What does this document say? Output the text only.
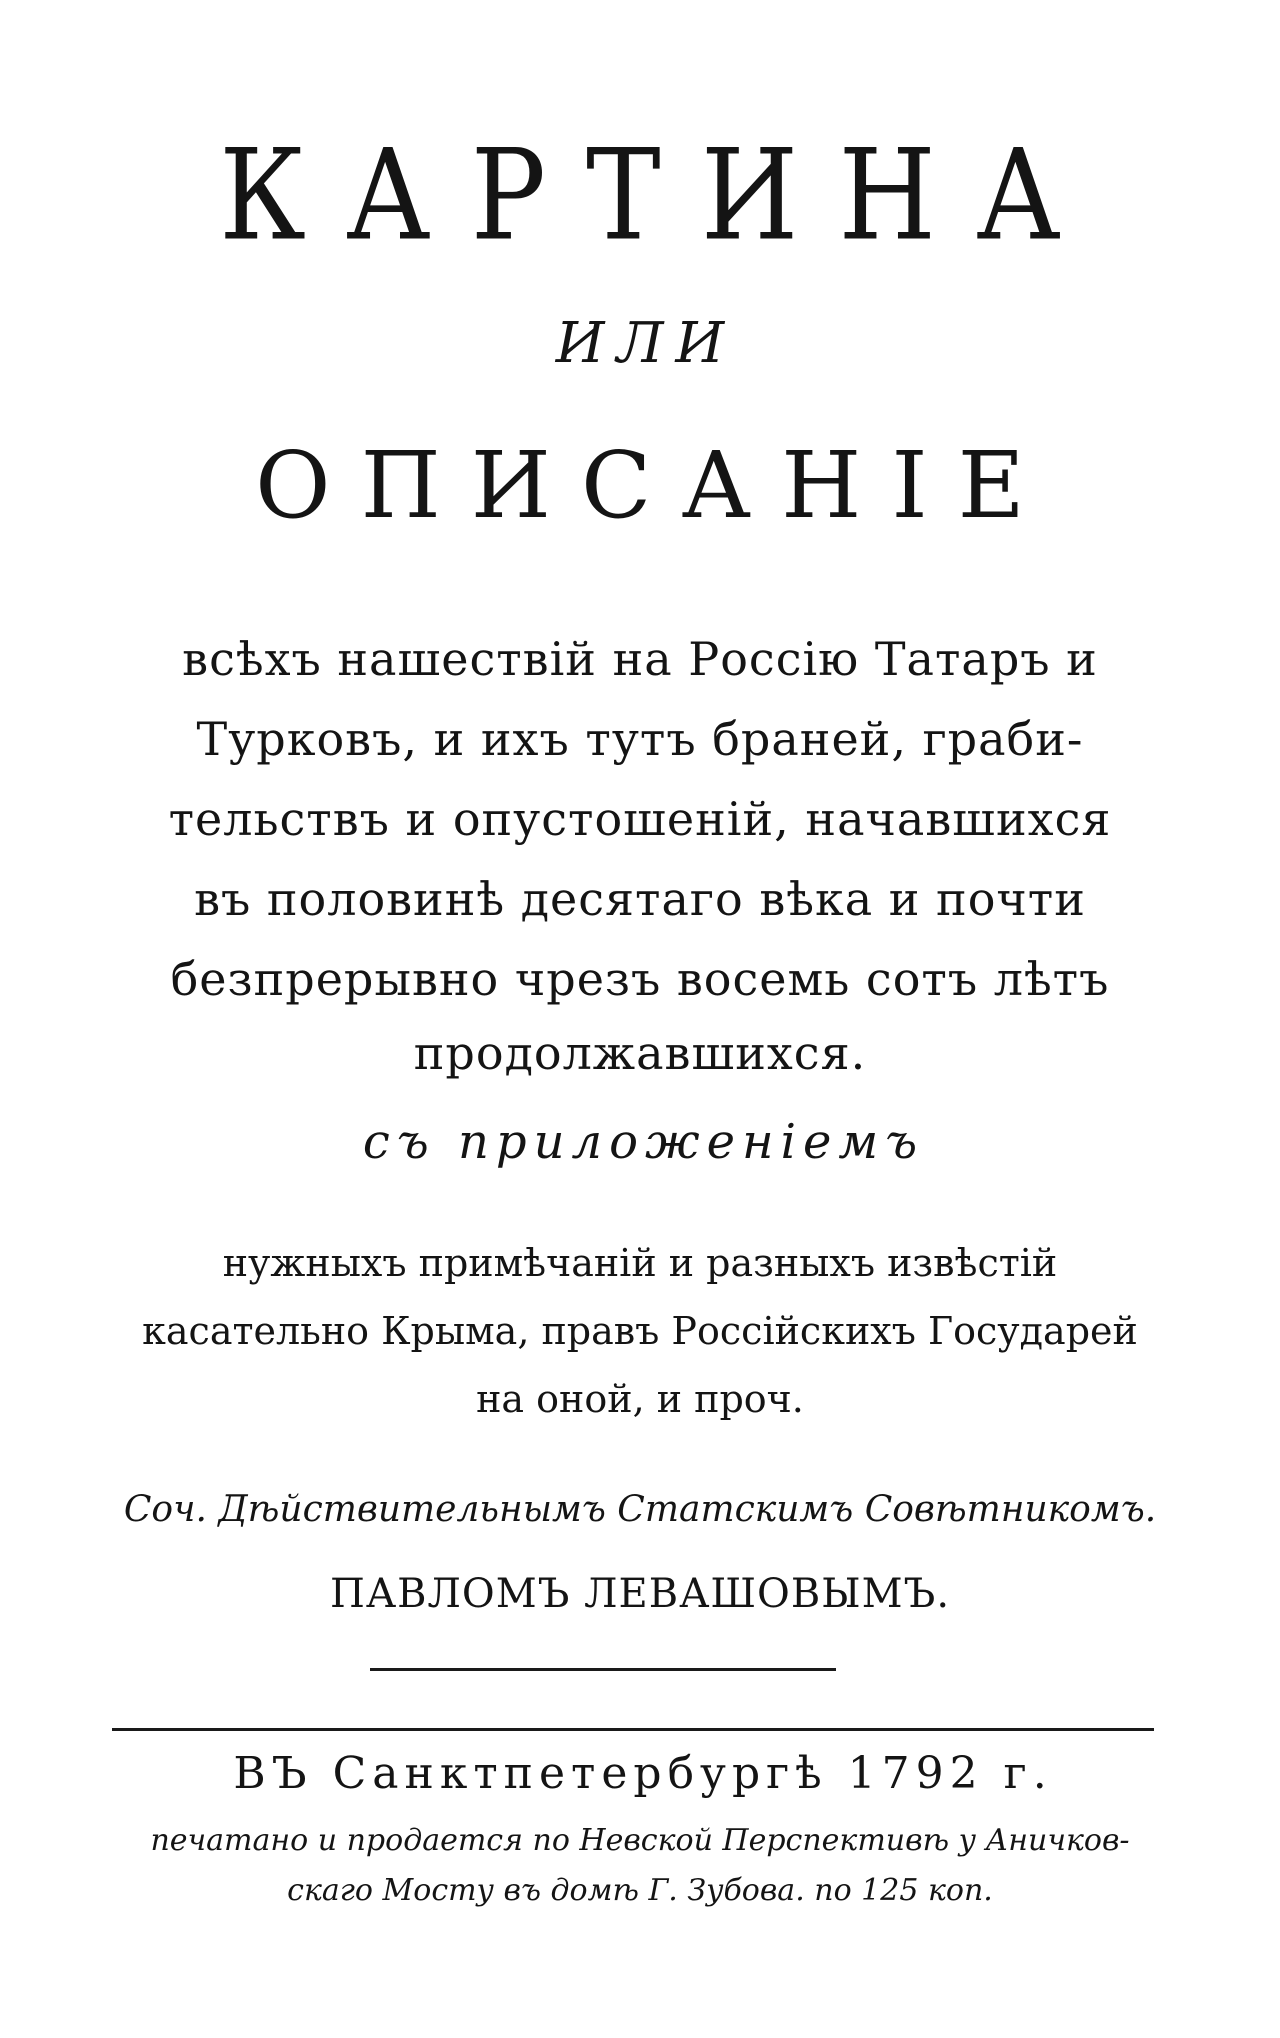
КАРТИНА
ИЛИ
ОПИСАНІЕ
всѣхъ нашествій на Россію Татаръ и
Турковъ, и ихъ тутъ браней, граби-
тельствъ и опустошеній, начавшихся
въ половинѣ десятаго вѣка и почти
безпрерывно чрезъ восемь сотъ лѣтъ
продолжавшихся.
съ приложеніемъ
нужныхъ примѣчаній и разныхъ извѣстій
касательно Крыма, правъ Россійскихъ Государей
на оной, и проч.
Соч. Дѣйствительнымъ Статскимъ Совѣтникомъ.
ПАВЛОМЪ ЛЕВАШОВЫМЪ.
ВЪ Санктпетербургѣ 1792 г.
печатано и продается по Невской Перспективѣ у Аничков-
скаго Мосту въ домѣ Г. Зубова. по 125 коп.
